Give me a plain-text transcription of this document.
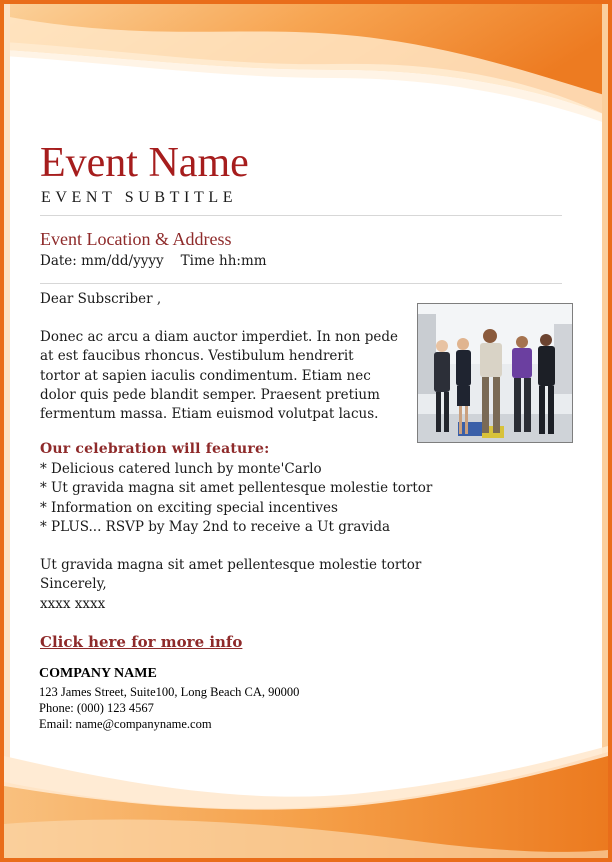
Event Name
EVENT SUBTITLE
Event Location & Address
Date: mm/dd/yyyy Time hh:mm
Dear Subscriber ,
Donec ac arcu a diam auctor imperdiet. In non pede
at est faucibus rhoncus. Vestibulum hendrerit
tortor at sapien iaculis condimentum. Etiam nec
dolor quis pede blandit semper. Praesent pretium
fermentum massa. Etiam euismod volutpat lacus.
Our celebration will feature:
* Delicious catered lunch by monte'Carlo
* Ut gravida magna sit amet pellentesque molestie tortor
* Information on exciting special incentives
* PLUS... RSVP by May 2nd to receive a Ut gravida
Ut gravida magna sit amet pellentesque molestie tortor
Sincerely,
xxxx xxxx
Click here for more info
COMPANY NAME
123 James Street, Suite100, Long Beach CA, 90000
Phone: (000) 123 4567
Email: name@companyname.com
